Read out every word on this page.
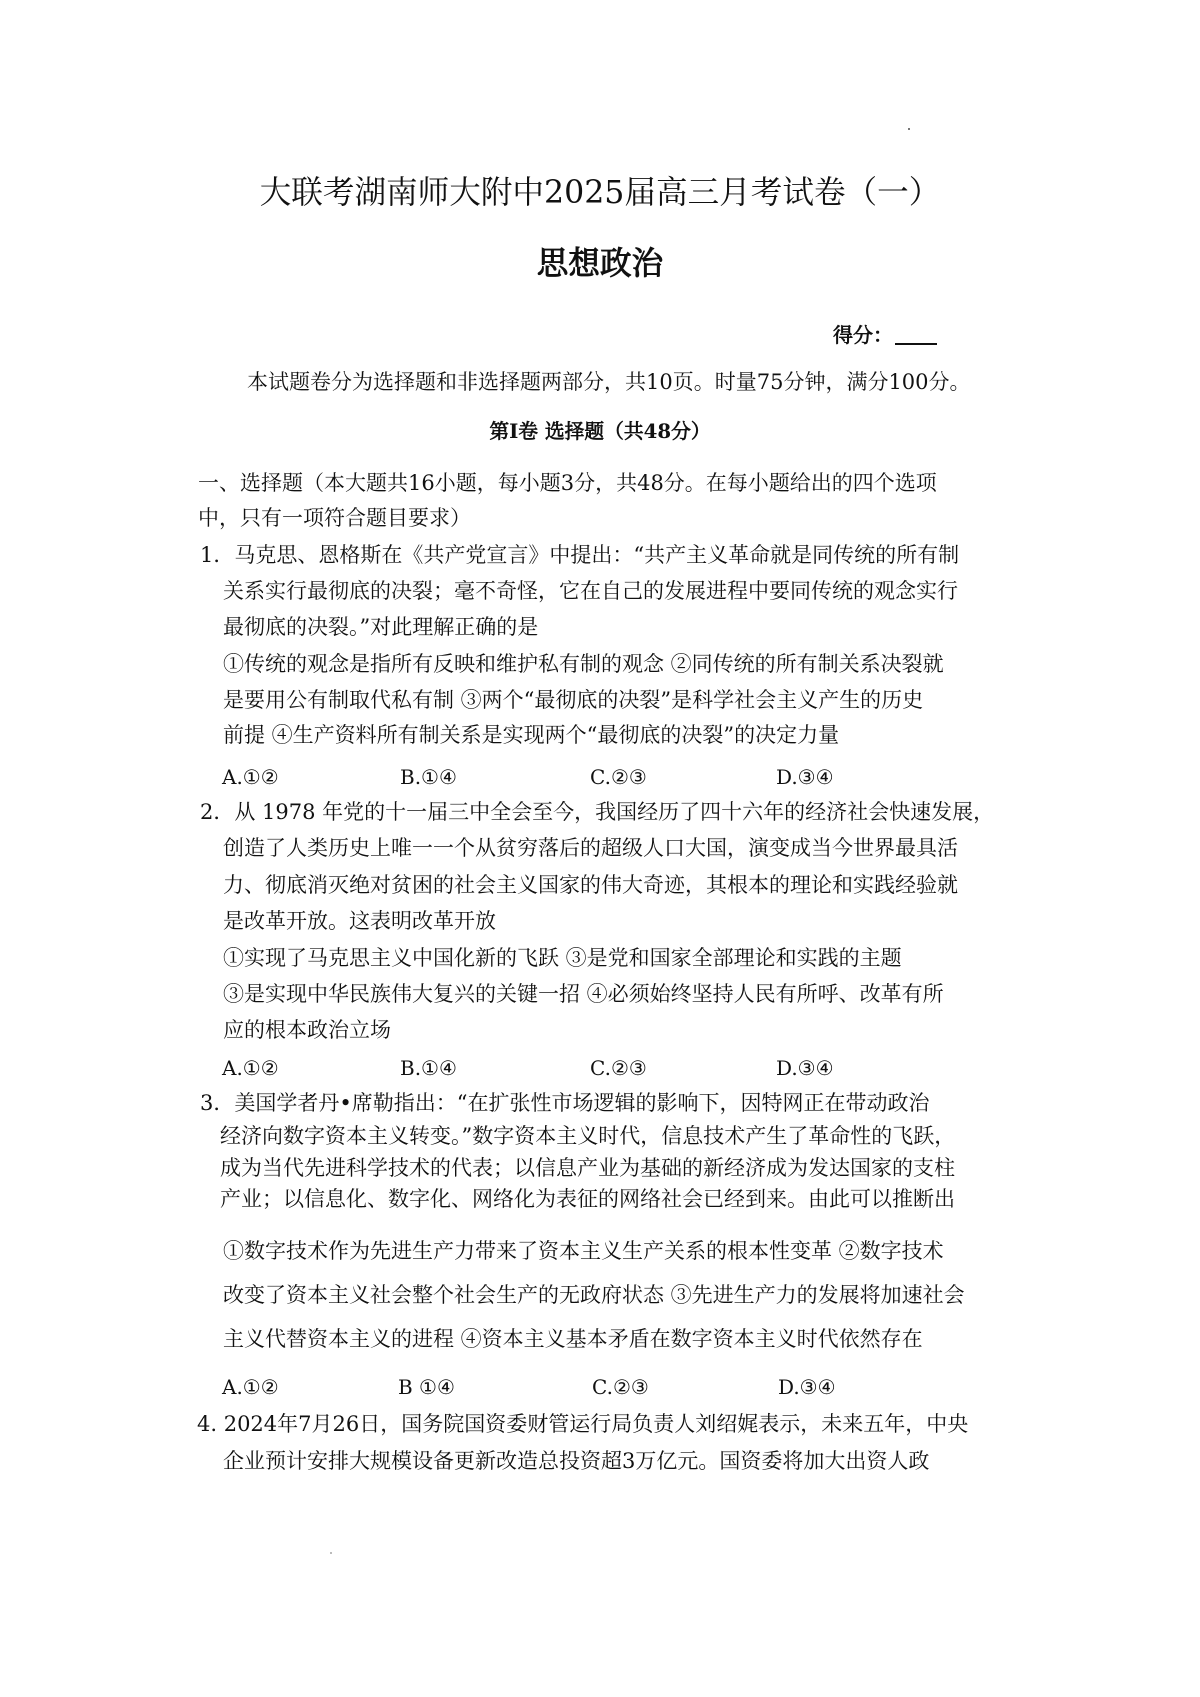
大联考湖南师大附中2025届高三月考试卷（一）
思想政治
得分：
本试题卷分为选择题和非选择题两部分，共10页。时量75分钟，满分100分。
第I卷 选择题（共48分）
一、选择题（本大题共16小题，每小题3分，共48分。在每小题给出的四个选项
中，只有一项符合题目要求）
1．马克思、恩格斯在《共产党宣言》中提出：“共产主义革命就是同传统的所有制
关系实行最彻底的决裂；毫不奇怪，它在自己的发展进程中要同传统的观念实行
最彻底的决裂。”对此理解正确的是
①传统的观念是指所有反映和维护私有制的观念 ②同传统的所有制关系决裂就
是要用公有制取代私有制 ③两个“最彻底的决裂”是科学社会主义产生的历史
前提 ④生产资料所有制关系是实现两个“最彻底的决裂”的决定力量
A.①②	B.①④	C.②③	D.③④
2．从 1978 年党的十一届三中全会至今，我国经历了四十六年的经济社会快速发展，
创造了人类历史上唯一一个从贫穷落后的超级人口大国，演变成当今世界最具活
力、彻底消灭绝对贫困的社会主义国家的伟大奇迹，其根本的理论和实践经验就
是改革开放。这表明改革开放
①实现了马克思主义中国化新的飞跃 ③是党和国家全部理论和实践的主题
③是实现中华民族伟大复兴的关键一招 ④必须始终坚持人民有所呼、改革有所
应的根本政治立场
A.①②	B.①④	C.②③	D.③④
3．美国学者丹•席勒指出：“在扩张性市场逻辑的影响下，因特网正在带动政治
经济向数字资本主义转变。”数字资本主义时代，信息技术产生了革命性的飞跃，
成为当代先进科学技术的代表；以信息产业为基础的新经济成为发达国家的支柱
产业；以信息化、数字化、网络化为表征的网络社会已经到来。由此可以推断出
①数字技术作为先进生产力带来了资本主义生产关系的根本性变革 ②数字技术
改变了资本主义社会整个社会生产的无政府状态 ③先进生产力的发展将加速社会
主义代替资本主义的进程 ④资本主义基本矛盾在数字资本主义时代依然存在
A.①②	B ①④	C.②③	D.③④
4. 2024年7月26日，国务院国资委财管运行局负责人刘绍娓表示，未来五年，中央
企业预计安排大规模设备更新改造总投资超3万亿元。国资委将加大出资人政
